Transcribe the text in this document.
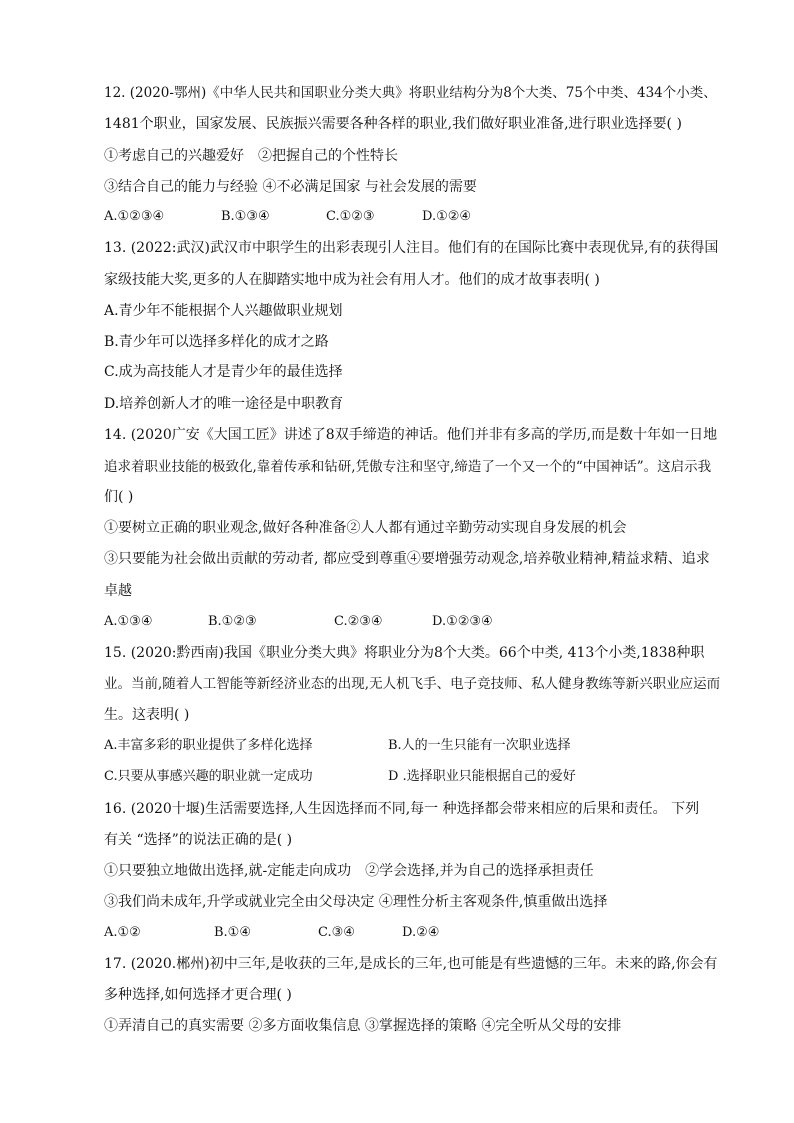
12. (2020-鄂州)《中华人民共和国职业分类大典》将职业结构分为8个大类、75个中类、434个小类、
1481个职业，国家发展、民族振兴需要各种各样的职业,我们做好职业准备,进行职业选择要( )
①考虑自己的兴趣爱好　②把握自己的个性特长
③结合自己的能力与经验 ④不必满足国家 与社会发展的需要
A.①②③④	B.①③④	C.①②③	D.①②④
13. (2022:武汉)武汉市中职学生的出彩表现引人注目。他们有的在国际比赛中表现优异,有的获得国
家级技能大奖,更多的人在脚踏实地中成为社会有用人才。他们的成才故事表明( )
A.青少年不能根据个人兴趣做职业规划
B.青少年可以选择多样化的成才之路
C.成为高技能人才是青少年的最佳选择
D.培养创新人才的唯一途径是中职教育
14. (2020广安《大国工匠》讲述了8双手缔造的神话。他们并非有多高的学历,而是数十年如一日地
追求着职业技能的极致化,靠着传承和钻研,凭傲专注和坚守,缔造了一个又一个的“中国神话”。这启示我
们( )
①要树立正确的职业观念,做好各种准备②人人都有通过辛勤劳动实现自身发展的机会
③只要能为社会做出贡献的劳动者, 都应受到尊重④要增强劳动观念,培养敬业精神,精益求精、追求
卓越
A.①③④	B.①②③	C.②③④	D.①②③④
15. (2020:黔西南)我国《职业分类大典》将职业分为8个大类。66个中类, 413个小类,1838种职
业。当前,随着人工智能等新经济业态的出现,无人机飞手、电子竞技师、私人健身教练等新兴职业应运而
生。这表明( )
A.丰富多彩的职业提供了多样化选择	B.人的一生只能有一次职业选择
C.只要从事感兴趣的职业就一定成功	D .选择职业只能根据自己的爱好
16. (2020十堰)生活需要选择,人生因选择而不同,每一 种选择都会带来相应的后果和责任。 下列
有关 “选择”的说法正确的是( )
①只要独立地做出选择,就-定能走向成功　②学会选择,并为自己的选择承担责任
③我们尚未成年,升学或就业完全由父母决定 ④理性分析主客观条件,慎重做出选择
A.①②	B.①④	C.③④	D.②④
17. (2020.郴州)初中三年,是收获的三年,是成长的三年,也可能是有些遗憾的三年。未来的路,你会有
多种选择,如何选择才更合理( )
①弄清自己的真实需要 ②多方面收集信息 ③掌握选择的策略 ④完全听从父母的安排
